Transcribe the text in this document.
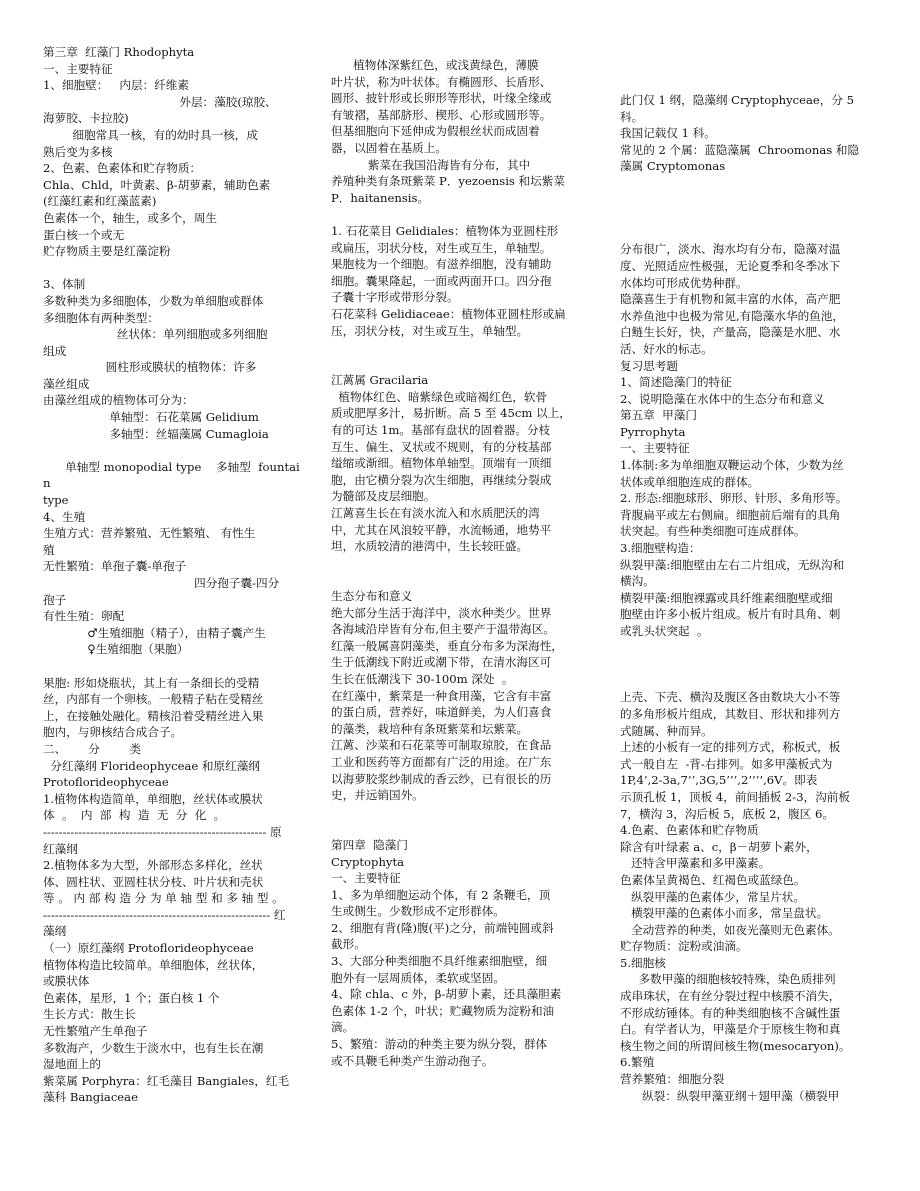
第三章  红藻门 Rhodophyta
一、主要特征
1、细胞壁：   内层：纤维素
外层：藻胶(琼胶、
海萝胶、卡拉胶)
细胞常具一核，有的幼时具一核，成
熟后变为多核
2、色素、色素体和贮存物质：
Chla、Chld，叶黄素、β-胡萝素，辅助色素
(红藻红素和红藻蓝素)
色素体一个，轴生，或多个，周生
蛋白核一个或无
贮存物质主要是红藻淀粉
3、体制
多数种类为多细胞体，少数为单细胞或群体
多细胞体有两种类型：
丝状体：单列细胞或多列细胞
组成
圆柱形或膜状的植物体：许多
藻丝组成
由藻丝组成的植物体可分为：
单轴型：石花菜属 Gelidium
多轴型：丝辐藻属 Cumagloia
单轴型 monopodial type    多轴型  fountain
type
4、生殖
生殖方式：营养繁殖、无性繁殖、 有性生
殖
无性繁殖：单孢子囊-单孢子
四分孢子囊-四分
孢子
有性生殖：卵配
♂生殖细胞（精子），由精子囊产生
♀生殖细胞（果胞）
果胞: 形如烧瓶状，其上有一条细长的受精
丝，内部有一个卵核。一般精子粘在受精丝
上，在接触处融化。精核沿着受精丝进入果
胞内，与卵核结合成合子。
二、      分        类
分红藻纲 Florideophyceae 和原红藻纲
Protoflorideophyceae
1.植物体构造简单，单细胞，丝状体或膜状
体  。  内  部  构  造  无  分  化  。
--------------------------------------------------------- 原
红藻纲
2.植物体多为大型，外部形态多样化，丝状
体、圆柱状、亚圆柱状分枝、叶片状和壳状
等 。 内 部 构 造 分 为 单 轴 型 和 多 轴 型 。
---------------------------------------------------------- 红
藻纲
（一）原红藻纲 Protoflorideophyceae
植物体构造比较简单。单细胞体，丝状体，
或膜状体
色素体，星形，1 个；蛋白核 1 个
生长方式：散生长
无性繁殖产生单孢子
多数海产，少数生于淡水中，也有生长在潮
湿地面上的
紫菜属 Porphyra：红毛藻目 Bangiales，红毛
藻科 Bangiaceae
植物体深紫红色，或浅黄绿色，薄膜
叶片状，称为叶状体。有椭圆形、长盾形、
圆形、披针形或长卵形等形状，叶缘全缘或
有皱褶，基部脐形、楔形、心形或圆形等。
但基细胞向下延伸成为假根丝状而成固着
器，以固着在基质上。
紫菜在我国沿海皆有分布，其中
养殖种类有条斑紫菜 P．yezoensis 和坛紫菜
P．haitanensis。
1. 石花菜目 Gelidiales：植物体为亚圆柱形
或扁压，羽状分枝，对生或互生，单轴型。
果胞枝为一个细胞。有滋养细胞，没有辅助
细胞。囊果隆起，一面或两面开口。四分孢
子囊十字形或带形分裂。
石花菜科 Gelidiaceae：植物体亚圆柱形或扁
压，羽状分枝，对生或互生，单轴型。
江蓠属 Gracilaria
植物体红色、暗紫绿色或暗褐红色，软骨
质或肥厚多汁，易折断。高 5 至 45cm 以上，
有的可达 1m。基部有盘状的固着器。分枝
互生、偏生、叉状或不规则，有的分枝基部
缢缩或渐细。植物体单轴型。顶端有一顶细
胞，由它横分裂为次生细胞，再继续分裂成
为髓部及皮层细胞。
江蓠喜生长在有淡水流入和水质肥沃的湾
中，尤其在风浪较平静，水流畅通，地势平
坦，水质较清的港湾中，生长较旺盛。
生态分布和意义
绝大部分生活于海洋中，淡水种类少。世界
各海域沿岸皆有分布,但主要产于温带海区。
红藻一般属喜阴藻类，垂直分布多为深海性，
生于低潮线下附近或潮下带，在清水海区可
生长在低潮浅下 30-100m 深处  。
在红藻中，紫菜是一种食用藻，它含有丰富
的蛋白质，营养好，味道鲜美，为人们喜食
的藻类，栽培种有条斑紫菜和坛紫菜。
江蓠、沙菜和石花菜等可制取琼胶，在食品
工业和医药等方面都有广泛的用途。在广东
以海萝胶浆纱制成的香云纱，已有很长的历
史，并远销国外。
第四章  隐藻门
Cryptophyta
一、主要特征
1、多为单细胞运动个体，有 2 条鞭毛，顶
生或侧生。少数形成不定形群体。
2、细胞有背(隆)腹(平)之分，前端钝圆或斜
截形。
3、大部分种类细胞不具纤维素细胞壁，细
胞外有一层周质体，柔软或坚固。
4、除 chla、c 外，β-胡萝卜素，还具藻胆素
色素体 1-2 个，叶状；贮藏物质为淀粉和油
滴。
5、繁殖：游动的种类主要为纵分裂，群体
或不具鞭毛种类产生游动孢子。
此门仅 1 纲，隐藻纲 Cryptophyceae，分 5 科。
我国记载仅 1 科。
常见的 2 个属：蓝隐藻属  Chroomonas 和隐
藻属 Cryptomonas
分布很广，淡水、海水均有分布，隐藻对温
度、光照适应性极强，无论夏季和冬季冰下
水体均可形成优势种群。
隐藻喜生于有机物和氮丰富的水体，高产肥
水养鱼池中也极为常见,有隐藻水华的鱼池，
白鲢生长好，快，产量高，隐藻是水肥、水
活、好水的标志。
复习思考题
1、简述隐藻门的特征
2、说明隐藻在水体中的生态分布和意义
第五章  甲藻门
Pyrrophyta
一、主要特征
1.体制:多为单细胞双鞭运动个体，少数为丝
状体或单细胞连成的群体。
2. 形态:细胞球形、卵形、针形、多角形等。
背腹扁平或左右侧扁。细胞前后端有的具角
状突起。有些种类细胞可连成群体。
3.细胞壁构造：
纵裂甲藻:细胞壁由左右二片组成，无纵沟和
横沟。
横裂甲藻:细胞裸露或具纤维素细胞壁或细
胞壁由许多小板片组成。板片有时具角、刺
或乳头状突起  。
上壳、下壳、横沟及腹区各由数块大小不等
的多角形板片组成，其数目、形状和排列方
式随属、种而异。
上述的小板有一定的排列方式，称板式，板
式一般自左  -背-右排列。如多甲藻板式为
1P,4’,2-3a,7’’,3G,5’’’,2’’’’,6V。即表
示顶孔板 1，顶板 4，前间插板 2-3，沟前板
7，横沟 3，沟后板 5，底板 2，腹区 6。
4.色素、色素体和贮存物质
除含有叶绿素 a、c，β－胡萝卜素外，
还特含甲藻素和多甲藻素。
色素体呈黄褐色、红褐色或蓝绿色。
纵裂甲藻的色素体少，常呈片状。
横裂甲藻的色素体小而多，常呈盘状。
全动营养的种类，如夜光藻则无色素体。
贮存物质：淀粉或油滴。
5.细胞核
多数甲藻的细胞核较特殊，染色质排列
成串珠状，在有丝分裂过程中核膜不消失，
不形成纺锤体。有的种类细胞核不含碱性蛋
白。有学者认为，甲藻是介于原核生物和真
核生物之间的所谓间核生物(mesocaryon)。
6.繁殖
营养繁殖：细胞分裂
纵裂：纵裂甲藻亚纲＋翅甲藻（横裂甲
